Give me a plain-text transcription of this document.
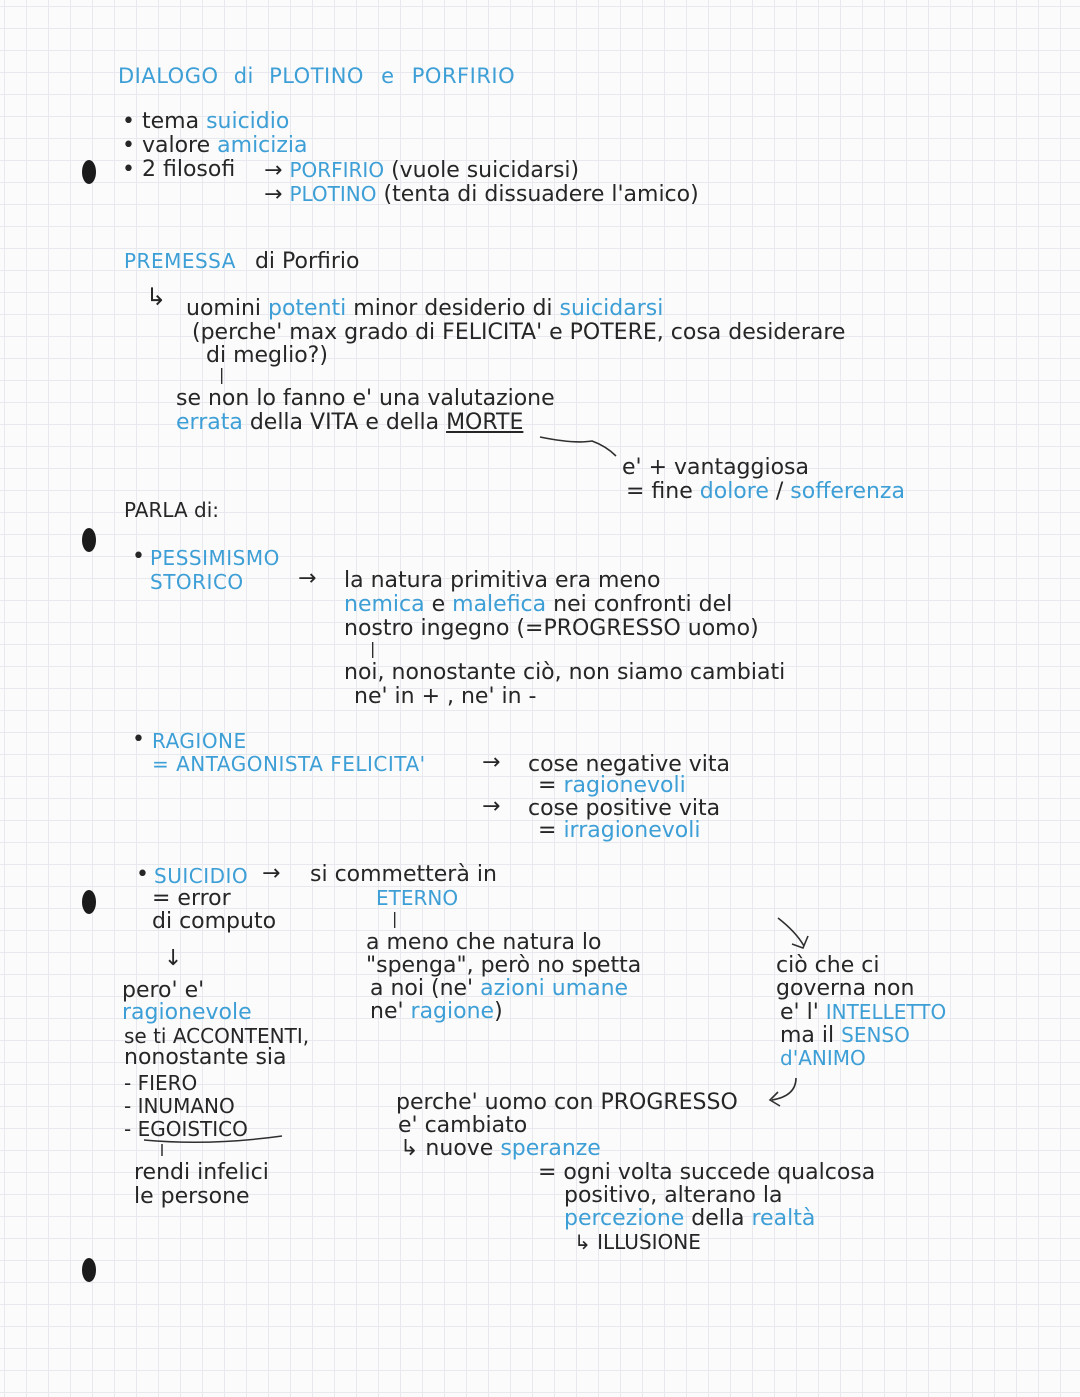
DIALOGO di PLOTINO e PORFIRIO
• tema suicidio
• valore amicizia
• 2 filosofi → PORFIRIO (vuole suicidarsi)
→ PLOTINO (tenta di dissuadere l'amico)
PREMESSA di Porfirio
↳ uomini potenti minor desiderio di suicidarsi
(perche' max grado di FELICITA' e POTERE, cosa desiderare
di meglio?)
|
se non lo fanno e' una valutazione
errata della VITA e della MORTE
e' + vantaggiosa
= fine dolore / sofferenza
PARLA di:
• PESSIMISMO
STORICO → la natura primitiva era meno
nemica e malefica nei confronti del
nostro ingegno (=PROGRESSO uomo)
|
noi, nonostante ciò, non siamo cambiati
ne' in + , ne' in -
• RAGIONE
= ANTAGONISTA FELICITA'	→ cose negative vita
= ragionevoli
→ cose positive vita
= irragionevoli
• SUICIDIO →
= error
di computo
↓
pero' e'
ragionevole
se ti ACCONTENTI,
nonostante sia
- FIERO
- INUMANO
- EGOISTICO
rendi infelici
le persone
si commetterà in
ETERNO
|
a meno che natura lo
"spenga", però no spetta
a noi (ne' azioni umane
ne' ragione)
ciò che ci
governa non
e' l' INTELLETTO
ma il SENSO
d'ANIMO
perche' uomo con PROGRESSO
e' cambiato
↳ nuove speranze
= ogni volta succede qualcosa
positivo, alterano la
percezione della realtà
↳ ILLUSIONE
